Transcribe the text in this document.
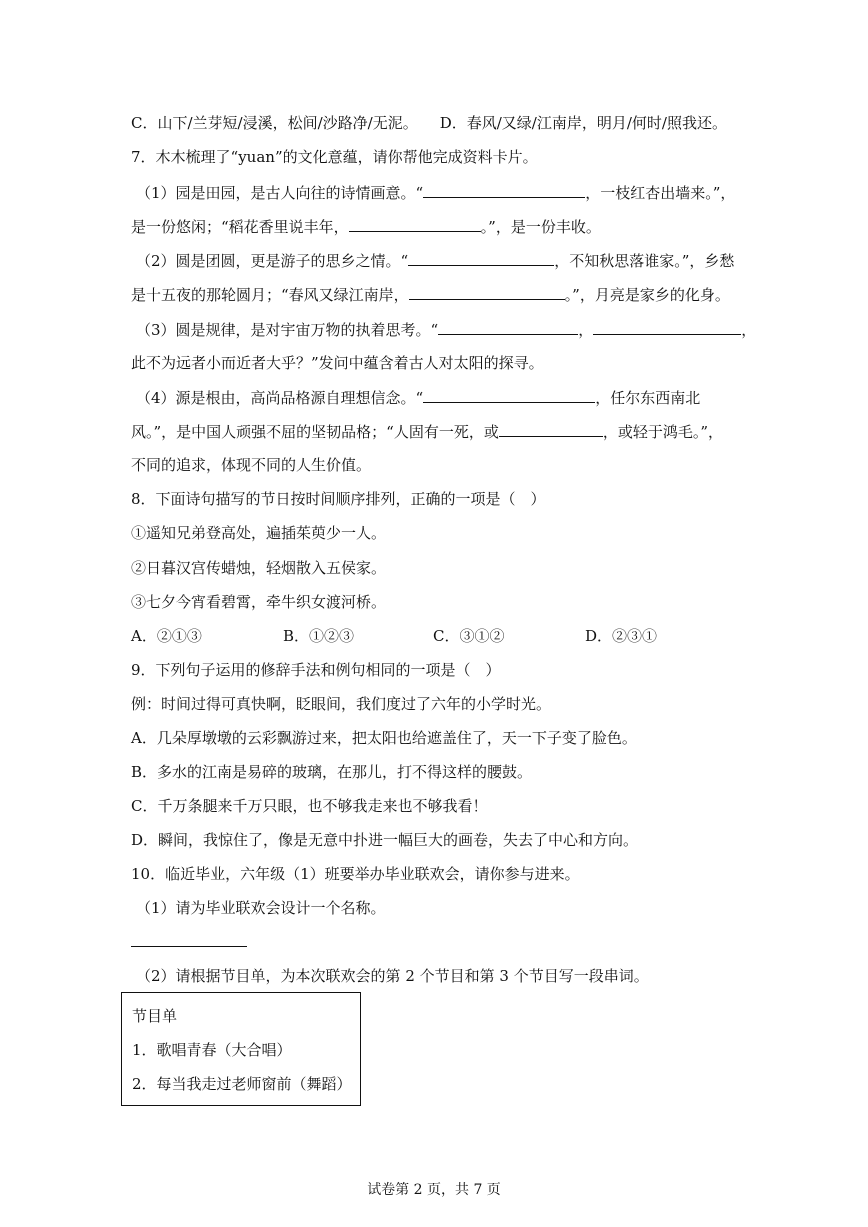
C．山下/兰芽短/浸溪，松间/沙路净/无泥。 D．春风/又绿/江南岸，明月/何时/照我还。
7．木木梳理了“yuan”的文化意蕴，请你帮他完成资料卡片。
（1）园是田园，是古人向往的诗情画意。“	，一枝红杏出墙来。”，
是一份悠闲；“稻花香里说丰年，	。”，是一份丰收。
（2）圆是团圆，更是游子的思乡之情。“	，不知秋思落谁家。”，乡愁
是十五夜的那轮圆月；“春风又绿江南岸，	。”，月亮是家乡的化身。
（3）圆是规律，是对宇宙万物的执着思考。“	，	，
此不为远者小而近者大乎？”发问中蕴含着古人对太阳的探寻。
（4）源是根由，高尚品格源自理想信念。“	，任尔东西南北
风。”，是中国人顽强不屈的坚韧品格；“人固有一死，或	，或轻于鸿毛。”，
不同的追求，体现不同的人生价值。
8．下面诗句描写的节日按时间顺序排列，正确的一项是（　）
①遥知兄弟登高处，遍插茱萸少一人。
②日暮汉宫传蜡烛，轻烟散入五侯家。
③七夕今宵看碧霄，牵牛织女渡河桥。
A．②①③	B．①②③	C．③①②	D．②③①
9．下列句子运用的修辞手法和例句相同的一项是（　）
例：时间过得可真快啊，眨眼间，我们度过了六年的小学时光。
A．几朵厚墩墩的云彩飘游过来，把太阳也给遮盖住了，天一下子变了脸色。
B．多水的江南是易碎的玻璃，在那儿，打不得这样的腰鼓。
C．千万条腿来千万只眼，也不够我走来也不够我看！
D．瞬间，我惊住了，像是无意中扑进一幅巨大的画卷，失去了中心和方向。
10．临近毕业，六年级（1）班要举办毕业联欢会，请你参与进来。
（1）请为毕业联欢会设计一个名称。
（2）请根据节目单，为本次联欢会的第 2 个节目和第 3 个节目写一段串词。
节目单
1．歌唱青春（大合唱）
2．每当我走过老师窗前（舞蹈）
试卷第 2 页，共 7 页
